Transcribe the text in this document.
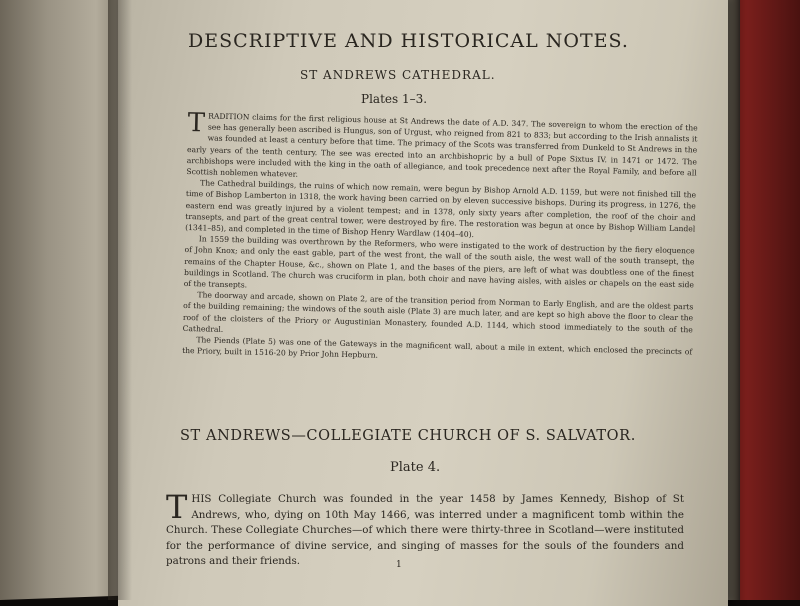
DESCRIPTIVE AND HISTORICAL NOTES.
ST ANDREWS CATHEDRAL.
Plates 1–3.

TRADITION claims for the first religious house at St Andrews the date of A.D. 347. The sovereign to whom the erection of the see has generally been ascribed is Hungus, son of Urgust, who reigned from 821 to 833; but according to the Irish annalists it was founded at least a century before that time. The primacy of the Scots was transferred from Dunkeld to St Andrews in the early years of the tenth century. The see was erected into an archbishopric by a bull of Pope Sixtus IV. in 1471 or 1472. The archbishops were included with the king in the oath of allegiance, and took precedence next after the Royal Family, and before all Scottish noblemen whatever.

The Cathedral buildings, the ruins of which now remain, were begun by Bishop Arnold A.D. 1159, but were not finished till the time of Bishop Lamberton in 1318, the work having been carried on by eleven successive bishops. During its progress, in 1276, the eastern end was greatly injured by a violent tempest; and in 1378, only sixty years after completion, the roof of the choir and transepts, and part of the great central tower, were destroyed by fire. The restoration was begun at once by Bishop William Landel (1341–85), and completed in the time of Bishop Henry Wardlaw (1404–40).

In 1559 the building was overthrown by the Reformers, who were instigated to the work of destruction by the fiery eloquence of John Knox; and only the east gable, part of the west front, the wall of the south aisle, the west wall of the south transept, the remains of the Chapter House, &c., shown on Plate 1, and the bases of the piers, are left of what was doubtless one of the finest buildings in Scotland. The church was cruciform in plan, both choir and nave having aisles, with aisles or chapels on the east side of the transepts.

The doorway and arcade, shown on Plate 2, are of the transition period from Norman to Early English, and are the oldest parts of the building remaining; the windows of the south aisle (Plate 3) are much later, and are kept so high above the floor to clear the roof of the cloisters of the Priory or Augustinian Monastery, founded A.D. 1144, which stood immediately to the south of the Cathedral.

The Piends (Plate 5) was one of the Gateways in the magnificent wall, about a mile in extent, which enclosed the precincts of the Priory, built in 1516-20 by Prior John Hepburn.

ST ANDREWS—COLLEGIATE CHURCH OF S. SALVATOR.
Plate 4.

THIS Collegiate Church was founded in the year 1458 by James Kennedy, Bishop of St Andrews, who, dying on 10th May 1466, was interred under a magnificent tomb within the Church. These Collegiate Churches—of which there were thirty-three in Scotland—were instituted for the performance of divine service, and singing of masses for the souls of the founders and patrons and their friends.	1
